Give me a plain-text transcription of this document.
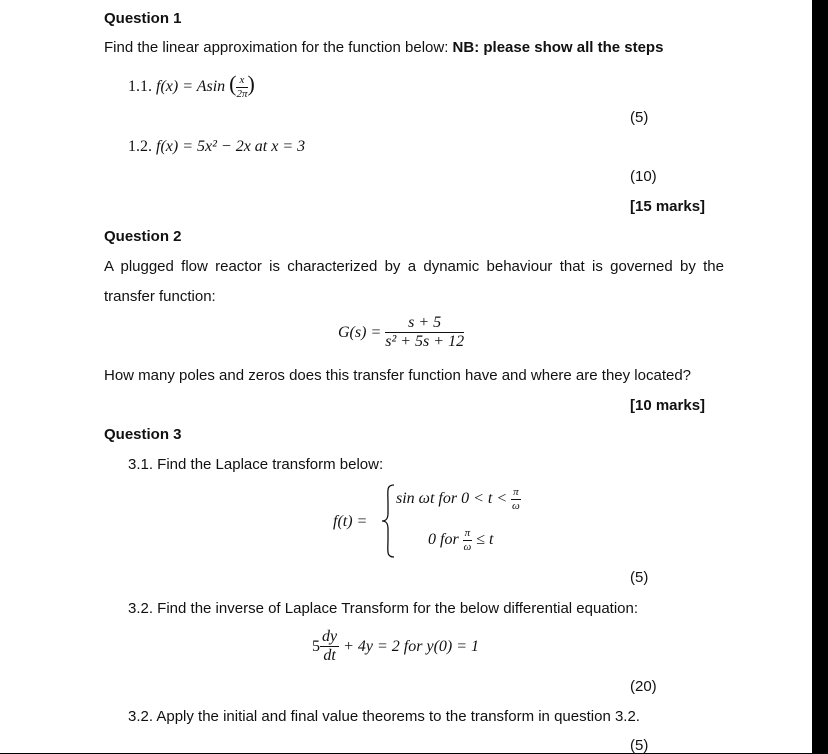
Question 1
Find the linear approximation for the function below: NB: please show all the steps
1.1. f(x) = Asin ( $\frac{x}{2\pi}$ )
(5)
1.2. f(x) = 5x² − 2x at x = 3
(10)
[15 marks]
Question 2
A plugged flow reactor is characterized by a dynamic behaviour that is governed by the
transfer function:
$G(s) = \frac{s + 5}{\text{s² + 5s + 12}}$
How many poles and zeros does this transfer function have and where are they located?
[10 marks]
Question 3
3.1. Find the Laplace transform below:
f(t) =
sin ωt for $0 < t < \frac{\pi}{\omega}$
0 for $\frac{\pi}{\omega} \le t$
(5)
3.2. Find the inverse of Laplace Transform for the below differential equation:
$5 \frac{dy}{dt} + 4y = 2$ for y(0) = 1
(20)
3.2. Apply the initial and final value theorems to the transform in question 3.2.
(5)
